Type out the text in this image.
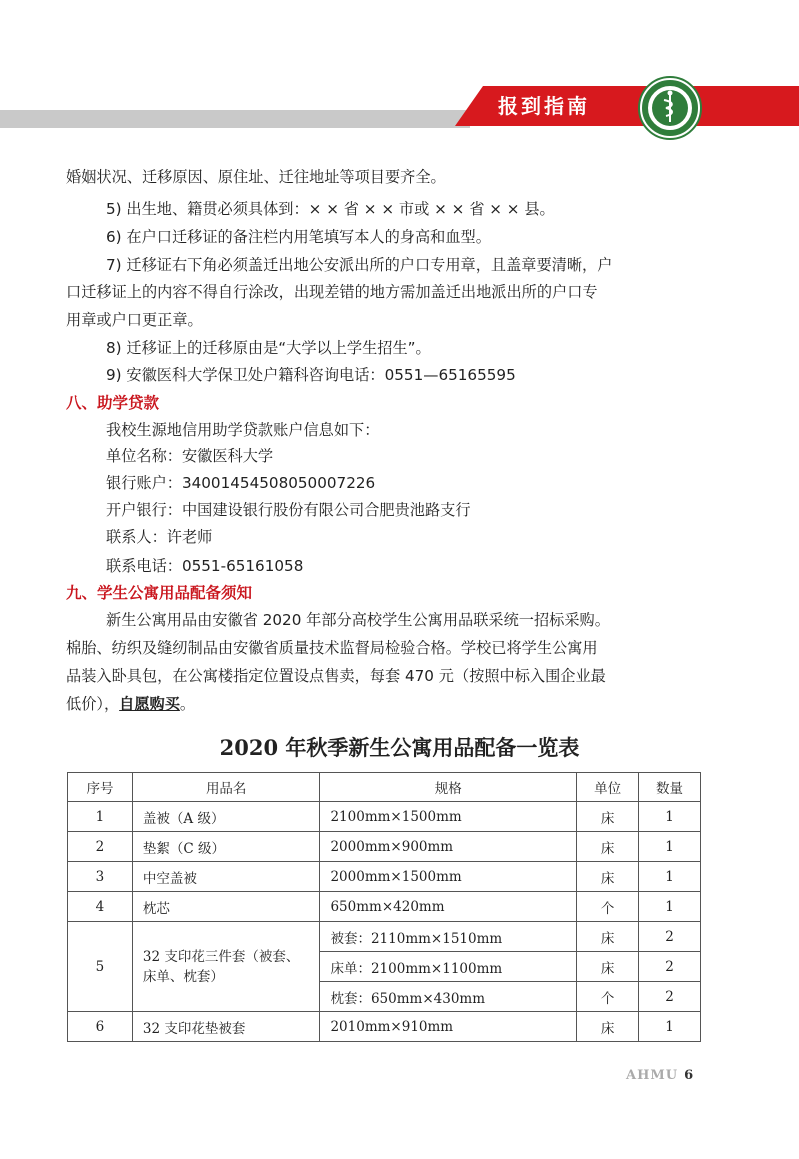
报到指南
婚姻状况、迁移原因、原住址、迁往地址等项目要齐全。
5) 出生地、籍贯必须具体到：× × 省 × × 市或 × × 省 × × 县。
6) 在户口迁移证的备注栏内用笔填写本人的身高和血型。
7) 迁移证右下角必须盖迁出地公安派出所的户口专用章，且盖章要清晰，户
口迁移证上的内容不得自行涂改，出现差错的地方需加盖迁出地派出所的户口专
用章或户口更正章。
8) 迁移证上的迁移原由是“大学以上学生招生”。
9) 安徽医科大学保卫处户籍科咨询电话：0551—65165595
八、助学贷款
我校生源地信用助学贷款账户信息如下：
单位名称：安徽医科大学
银行账户：34001454508050007226
开户银行：中国建设银行股份有限公司合肥贵池路支行
联系人：许老师
联系电话：0551-65161058
九、学生公寓用品配备须知
新生公寓用品由安徽省 2020 年部分高校学生公寓用品联采统一招标采购。
棉胎、纺织及缝纫制品由安徽省质量技术监督局检验合格。学校已将学生公寓用
品装入卧具包，在公寓楼指定位置设点售卖，每套 470 元（按照中标入围企业最
低价），自愿购买。
2020 年秋季新生公寓用品配备一览表
序号	用品名	规格	单位	数量
1	盖被（A 级）	2100mm×1500mm	床	1
2	垫絮（C 级）	2000mm×900mm	床	1
3	中空盖被	2000mm×1500mm	床	1
4	枕芯	650mm×420mm	个	1
5	32 支印花三件套（被套、床单、枕套）	被套：2110mm×1510mm	床	2
		床单：2100mm×1100mm	床	2
		枕套：650mm×430mm	个	2
6	32 支印花垫被套	2010mm×910mm	床	1
AHMU 6
